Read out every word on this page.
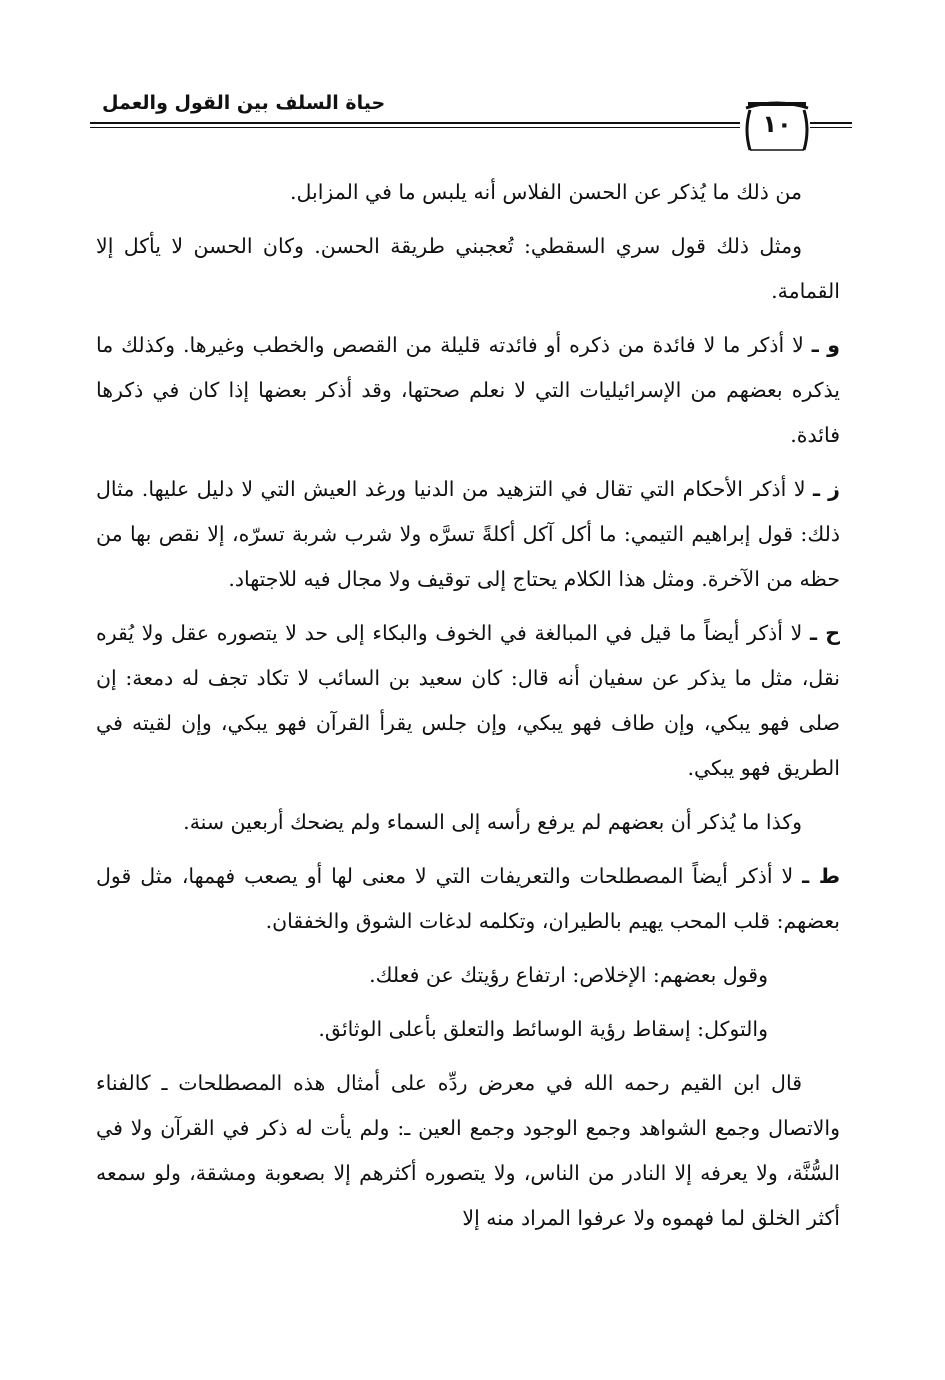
حياة السلف بين القول والعمل
١٠

من ذلك ما يُذكر عن الحسن الفلاس أنه يلبس ما في المزابل.

ومثل ذلك قول سري السقطي: تُعجبني طريقة الحسن. وكان الحسن لا يأكل إلا القمامة.

و ـ لا أذكر ما لا فائدة من ذكره أو فائدته قليلة من القصص والخطب وغيرها. وكذلك ما يذكره بعضهم من الإسرائيليات التي لا نعلم صحتها، وقد أذكر بعضها إذا كان في ذكرها فائدة.

ز ـ لا أذكر الأحكام التي تقال في التزهيد من الدنيا ورغد العيش التي لا دليل عليها. مثال ذلك: قول إبراهيم التيمي: ما أكل آكل أكلةً تسرَّه ولا شرب شربة تسرّه، إلا نقص بها من حظه من الآخرة. ومثل هذا الكلام يحتاج إلى توقيف ولا مجال فيه للاجتهاد.

ح ـ لا أذكر أيضاً ما قيل في المبالغة في الخوف والبكاء إلى حد لا يتصوره عقل ولا يُقره نقل، مثل ما يذكر عن سفيان أنه قال: كان سعيد بن السائب لا تكاد تجف له دمعة: إن صلى فهو يبكي، وإن طاف فهو يبكي، وإن جلس يقرأ القرآن فهو يبكي، وإن لقيته في الطريق فهو يبكي.

وكذا ما يُذكر أن بعضهم لم يرفع رأسه إلى السماء ولم يضحك أربعين سنة.

ط ـ لا أذكر أيضاً المصطلحات والتعريفات التي لا معنى لها أو يصعب فهمها، مثل قول بعضهم: قلب المحب يهيم بالطيران، وتكلمه لدغات الشوق والخفقان.

وقول بعضهم: الإخلاص: ارتفاع رؤيتك عن فعلك.

والتوكل: إسقاط رؤية الوسائط والتعلق بأعلى الوثائق.

قال ابن القيم رحمه الله في معرض ردِّه على أمثال هذه المصطلحات ـ كالفناء والاتصال وجمع الشواهد وجمع الوجود وجمع العين ـ: ولم يأت له ذكر في القرآن ولا في السُّنَّة، ولا يعرفه إلا النادر من الناس، ولا يتصوره أكثرهم إلا بصعوبة ومشقة، ولو سمعه أكثر الخلق لما فهموه ولا عرفوا المراد منه إلا
